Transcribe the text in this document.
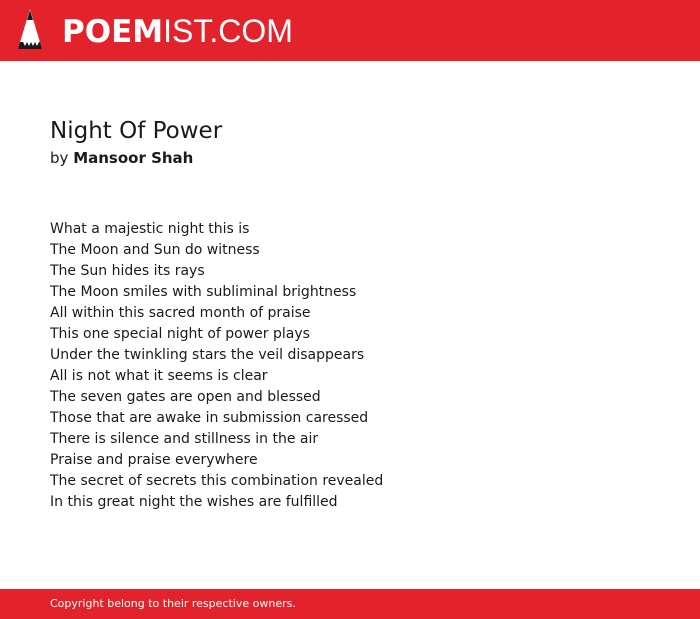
POEMIST.COM
Night Of Power
by Mansoor Shah
What a majestic night this is
The Moon and Sun do witness
The Sun hides its rays
The Moon smiles with subliminal brightness
All within this sacred month of praise
This one special night of power plays
Under the twinkling stars the veil disappears
All is not what it seems is clear
The seven gates are open and blessed
Those that are awake in submission caressed
There is silence and stillness in the air
Praise and praise everywhere
The secret of secrets this combination revealed
In this great night the wishes are fulfilled
Copyright belong to their respective owners.
